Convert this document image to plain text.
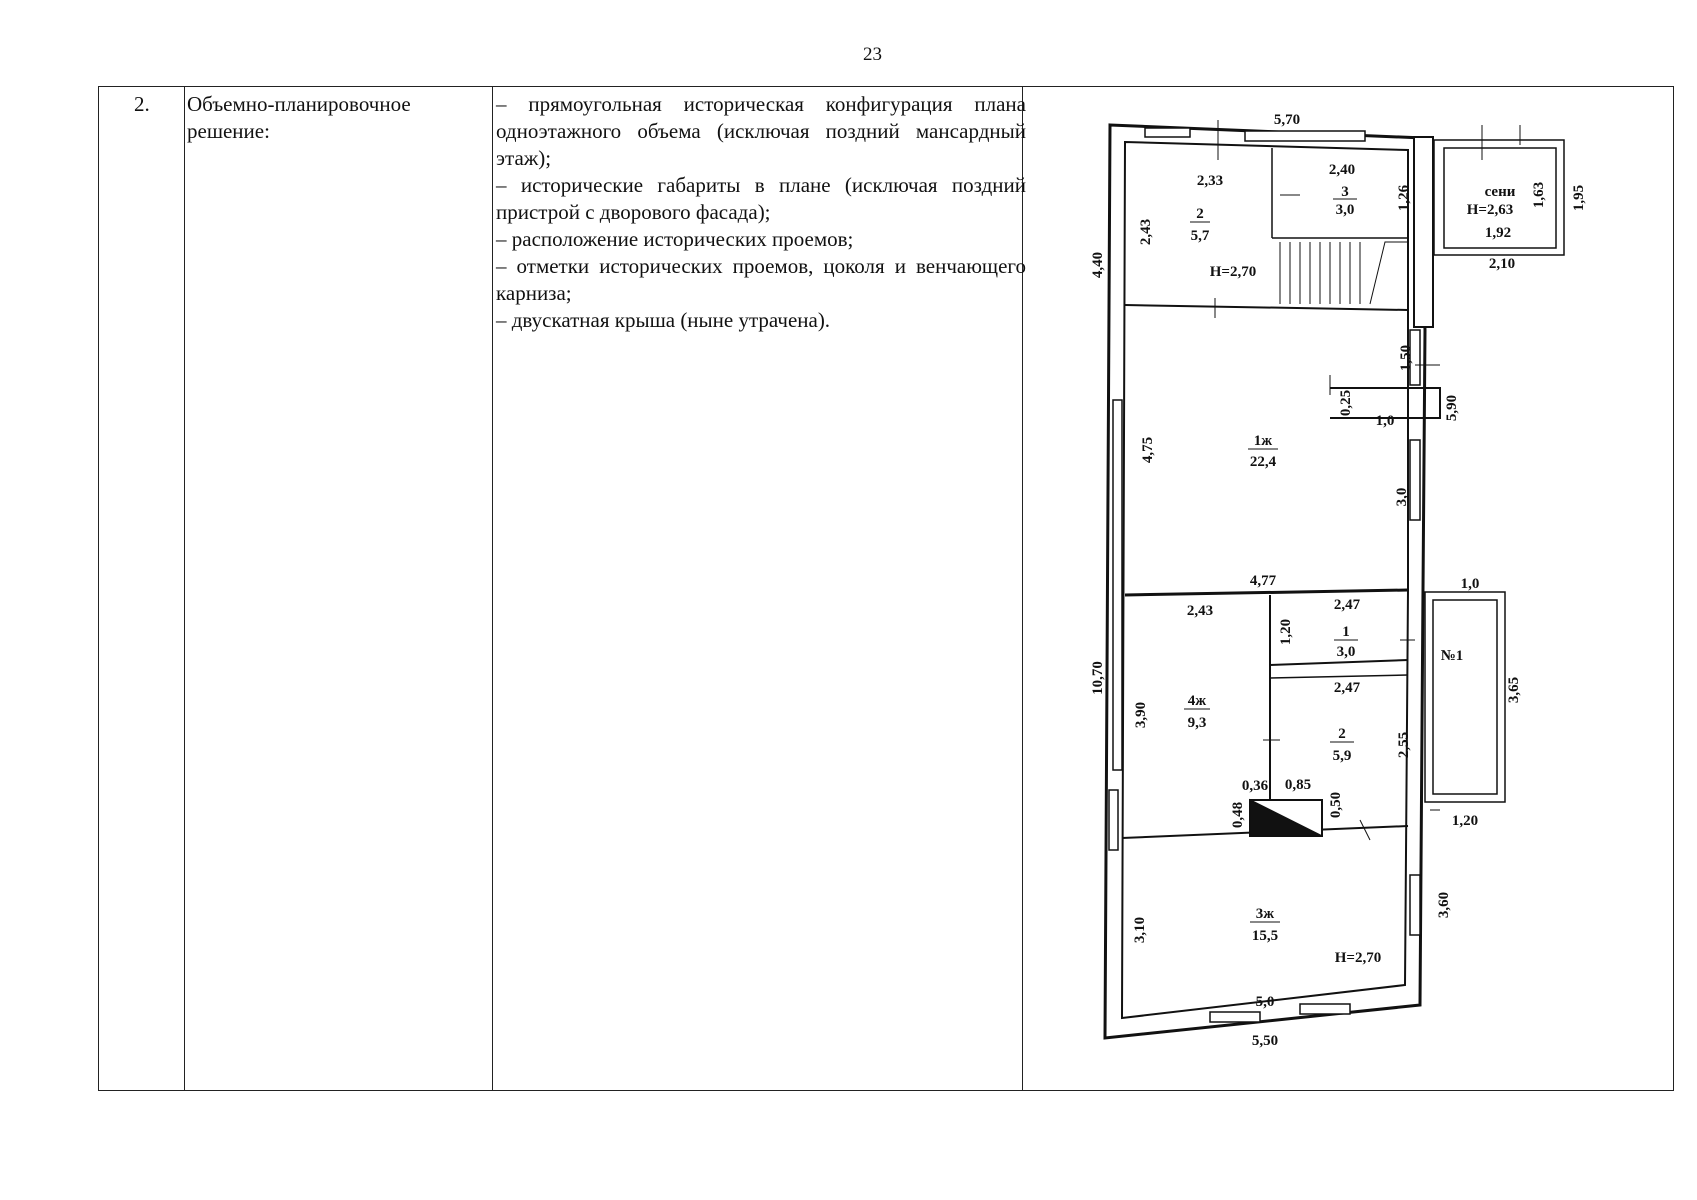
23
2. Объемно-планировочное решение:

– прямоугольная историческая конфигурация плана одноэтажного объема (исключая поздний мансардный этаж);

– исторические габариты в плане (исключая поздний пристрой с дворового фасада);

– расположение исторических проемов;

– отметки исторических проемов, цоколя и венчающего карниза;

– двускатная крыша (ныне утрачена).

5,70
2,33
2,40
сени
Н=2,63
1,92
2,10
Н=2,70
1,0
4,77	1,0
2,43	2,47
2,47
№1
0,36 0,85
1,20
Н=2,70
5,0
5,50
4,40
2,43
1,26	1,63 1,95
1,50
0,25	5,90
4,75
3,0
10,70
1,20
3,65
3,90
2,55
0,48	0,50
3,60
3,10
2
5,7
3
3,0
1ж
22,4
1
3,0
4ж
9,3
2
5,9
3ж
15,5
